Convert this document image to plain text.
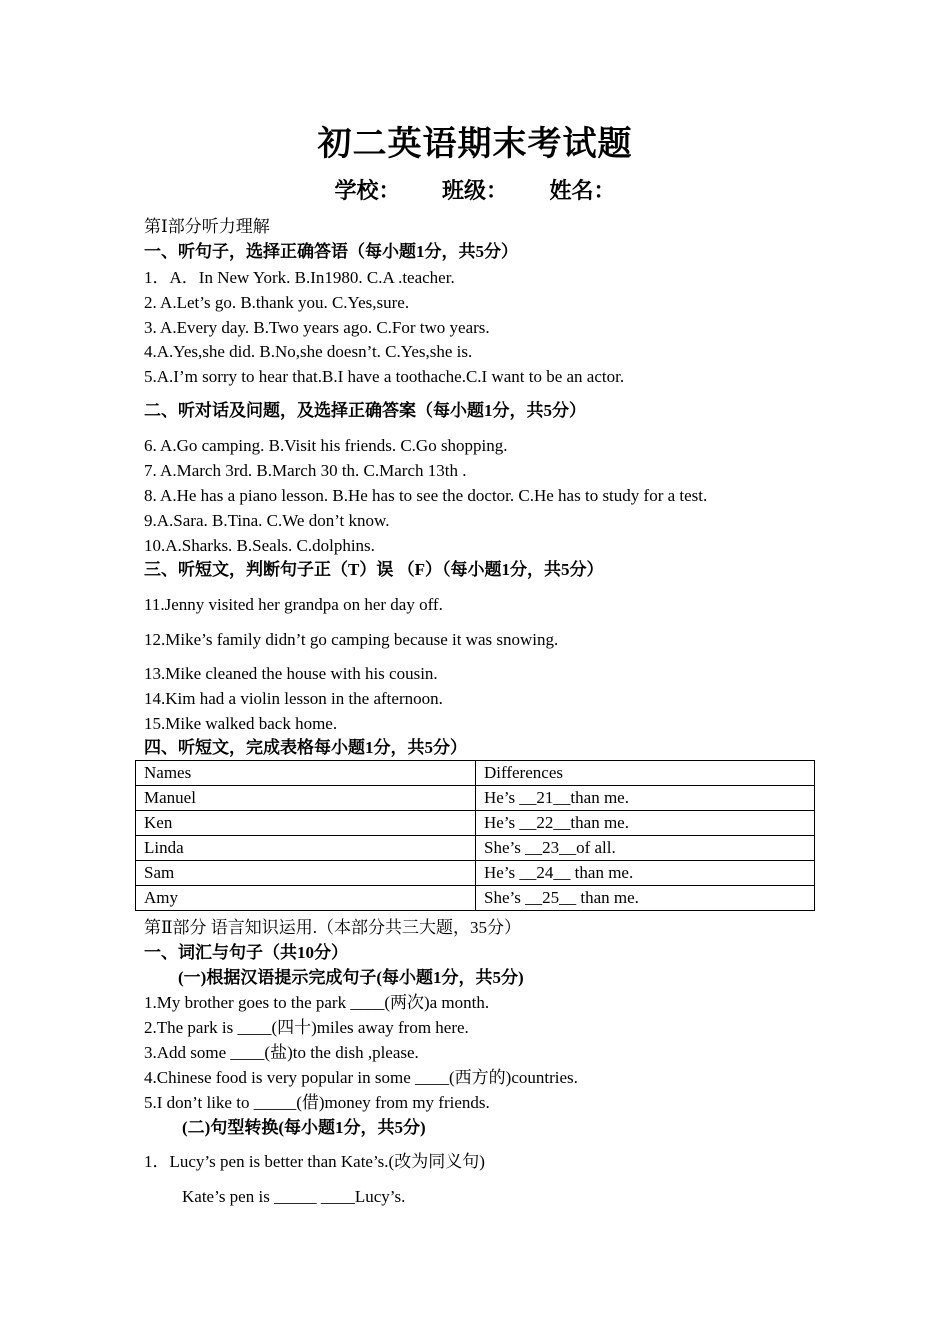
初二英语期末考试题
学校： 班级： 姓名：
第Ⅰ部分听力理解
一、听句子，选择正确答语（每小题1分，共5分）
1．A．In New York. B.In1980. C.A .teacher.
2. A.Let’s go. B.thank you. C.Yes,sure.
3. A.Every day. B.Two years ago. C.For two years.
4.A.Yes,she did. B.No,she doesn’t. C.Yes,she is.
5.A.I’m sorry to hear that.B.I have a toothache.C.I want to be an actor.
二、听对话及问题，及选择正确答案（每小题1分，共5分）
6. A.Go camping. B.Visit his friends. C.Go shopping.
7. A.March 3rd. B.March 30 th. C.March 13th .
8. A.He has a piano lesson. B.He has to see the doctor. C.He has to study for a test.
9.A.Sara. B.Tina. C.We don’t know.
10.A.Sharks. B.Seals. C.dolphins.
三、听短文，判断句子正（T）误 （F）（每小题1分，共5分）
11.Jenny visited her grandpa on her day off.
12.Mike’s family didn’t go camping because it was snowing.
13.Mike cleaned the house with his cousin.
14.Kim had a violin lesson in the afternoon.
15.Mike walked back home.
四、听短文，完成表格每小题1分，共5分）
Names	Differences
Manuel	He’s __21__than me.
Ken	He’s __22__than me.
Linda	She’s __23__of all.
Sam	He’s __24__ than me.
Amy	She’s __25__ than me.
第Ⅱ部分 语言知识运用.（本部分共三大题，35分）
一、词汇与句子（共10分）
(一)根据汉语提示完成句子(每小题1分，共5分)
1.My brother goes to the park ____(两次)a month.
2.The park is ____(四十)miles away from here.
3.Add some ____(盐)to the dish ,please.
4.Chinese food is very popular in some ____(西方的)countries.
5.I don’t like to _____(借)money from my friends.
(二)句型转换(每小题1分，共5分)
1．Lucy’s pen is better than Kate’s.(改为同义句)
Kate’s pen is _____ ____Lucy’s.
